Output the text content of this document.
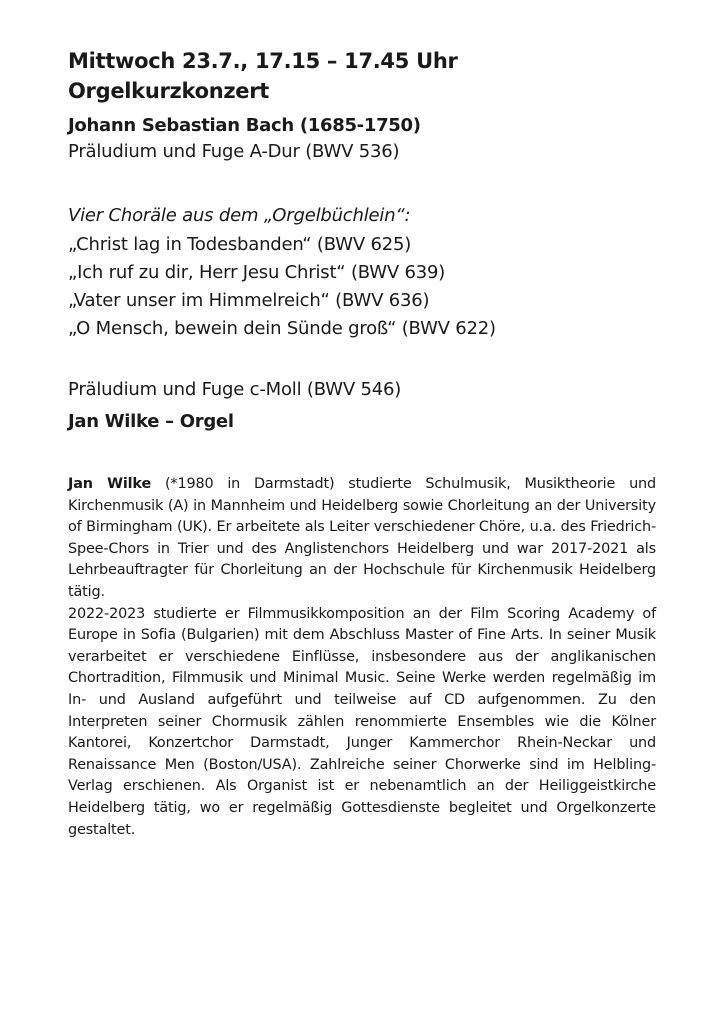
Mittwoch 23.7., 17.15 – 17.45 Uhr
Orgelkurzkonzert
Johann Sebastian Bach (1685-1750)
Präludium und Fuge A-Dur (BWV 536)
Vier Choräle aus dem „Orgelbüchlein“:
„Christ lag in Todesbanden“ (BWV 625)
„Ich ruf zu dir, Herr Jesu Christ“ (BWV 639)
„Vater unser im Himmelreich“ (BWV 636)
„O Mensch, bewein dein Sünde groß“ (BWV 622)
Präludium und Fuge c-Moll (BWV 546)
Jan Wilke – Orgel

Jan Wilke (*1980 in Darmstadt) studierte Schulmusik, Musiktheorie und Kirchenmusik (A) in Mannheim und Heidelberg sowie Chorleitung an der University of Birmingham (UK). Er arbeitete als Leiter verschiedener Chöre, u.a. des Friedrich-Spee-Chors in Trier und des Anglistenchors Heidelberg und war 2017-2021 als Lehrbeauftragter für Chorleitung an der Hochschule für Kirchenmusik Heidelberg tätig.

2022-2023 studierte er Filmmusikkomposition an der Film Scoring Academy of Europe in Sofia (Bulgarien) mit dem Abschluss Master of Fine Arts. In seiner Musik verarbeitet er verschiedene Einflüsse, insbesondere aus der anglikanischen Chortradition, Filmmusik und Minimal Music. Seine Werke werden regelmäßig im In- und Ausland aufgeführt und teilweise auf CD aufgenommen. Zu den Interpreten seiner Chormusik zählen renommierte Ensembles wie die Kölner Kantorei, Konzertchor Darmstadt, Junger Kammerchor Rhein-Neckar und Renaissance Men (Boston/USA). Zahlreiche seiner Chorwerke sind im Helbling-Verlag erschienen. Als Organist ist er nebenamtlich an der Heiliggeistkirche Heidelberg tätig, wo er regelmäßig Gottesdienste begleitet und Orgelkonzerte gestaltet.
